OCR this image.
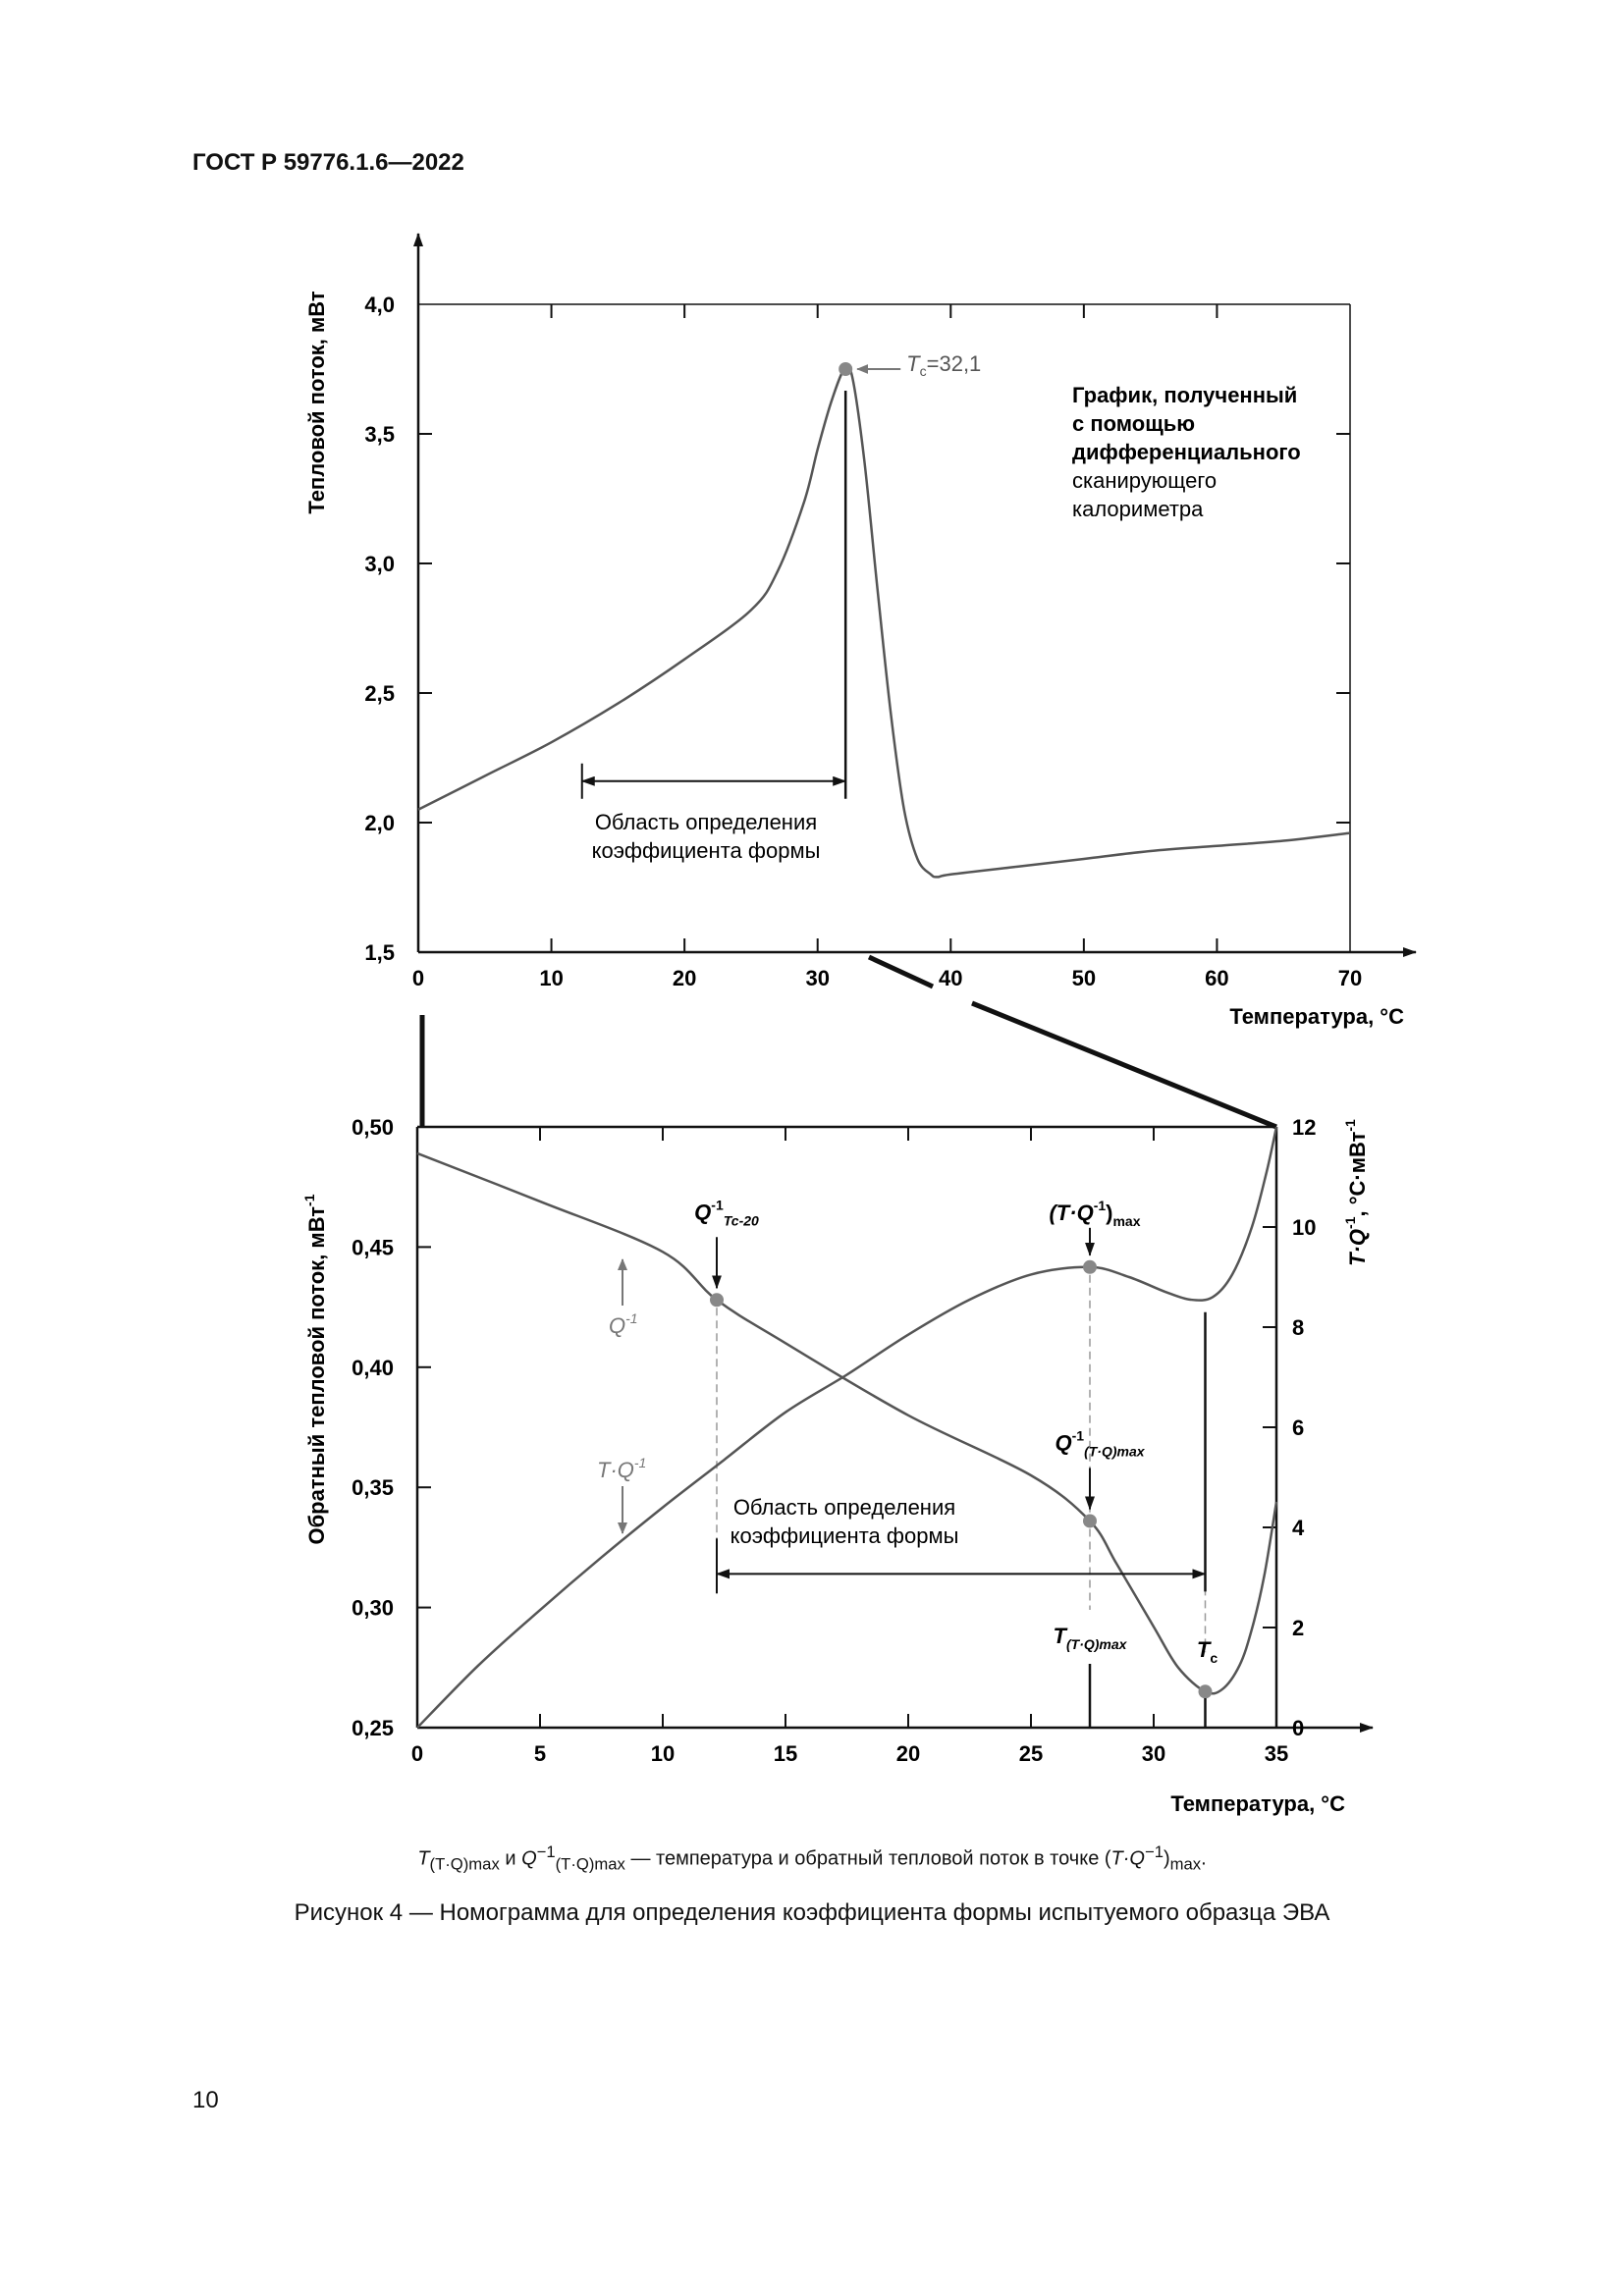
ГОСТ Р 59776.1.6—2022
0	10	20	30	40	50	60	70
1,5
2,0
2,5
3,0
3,5
4,0
$T_c=32,1$
Область определения
коэффициента формы
График, полученный
с помощью
дифференциального
сканирующего
калориметра
Тепловой поток, мВт
Температура, °C
0	5	10	15	20	25	30	35
0,25
0,30
0,35
0,40
0,45
0,50
0
2
4
6
8
10
12
Область определения
коэффициента формы
$Q^{-1}_{Tc-20}$	$(T\cdot Q^{-1})_{max}$
$Q^{-1}_{(T\cdot Q)max}$
$T_{(T\cdot Q)max}$	$T_c$
$Q^{-1}$
$T\cdot Q^{-1}$
Обратный тепловой поток, мВт$^{-1}$
$T\cdot Q^{-1}$, °C·мВт$^{-1}$
Температура, °C
$T_{(T\cdot Q)max}$ и $Q^{-1}_{(T\cdot Q)max}$ — температура и обратный тепловой поток в точке $(T\cdot Q^{-1})_{max}$.
Рисунок 4 — Номограмма для определения коэффициента формы испытуемого образца ЭВА
10
